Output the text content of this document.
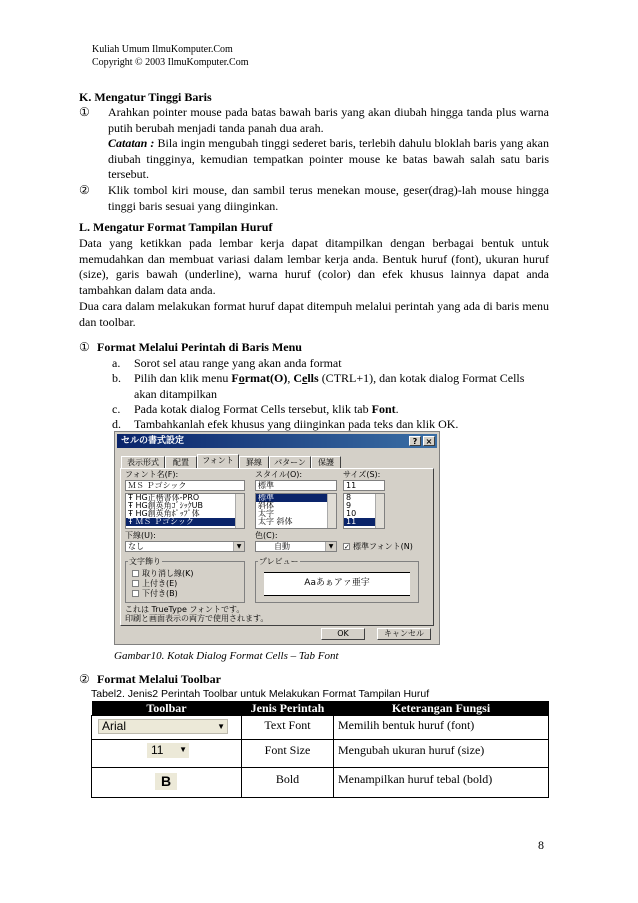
Kuliah Umum IlmuKomputer.Com
Copyright © 2003 IlmuKomputer.Com
K. Mengatur Tinggi Baris
①	Arahkan pointer mouse pada batas bawah baris yang akan diubah hingga tanda plus warna putih berubah menjadi tanda panah dua arah.
Catatan : Bila ingin mengubah tinggi sederet baris, terlebih dahulu bloklah baris yang akan diubah tingginya, kemudian tempatkan pointer mouse ke batas bawah salah satu baris tersebut.
②	Klik tombol kiri mouse, dan sambil terus menekan mouse, geser(drag)-lah mouse hingga tinggi baris sesuai yang diinginkan.
L. Mengatur Format Tampilan Huruf
Data yang ketikkan pada lembar kerja dapat ditampilkan dengan berbagai bentuk untuk memudahkan dan membuat variasi dalam lembar kerja anda. Bentuk huruf (font), ukuran huruf (size), garis bawah (underline), warna huruf (color) dan efek khusus lainnya dapat anda tambahkan dalam data anda.
Dua cara dalam melakukan format huruf dapat ditempuh melalui perintah yang ada di baris menu dan toolbar.
① Format Melalui Perintah di Baris Menu
a. Sorot sel atau range yang akan anda format
b. Pilih dan klik menu Format(O), Cells (CTRL+1), dan kotak dialog Format Cells akan ditampilkan
c. Pada kotak dialog Format Cells tersebut, klik tab Font.
d. Tambahkanlah efek khusus yang diinginkan pada teks dan klik OK.
セルの書式設定	?	×
表示形式	配置	フォント	罫線	パターン	保護
フォント名(F):
ＭＳ Ｐゴシック
Ŧ HG正楷書体-PRO
Ŧ HG創英角ｺﾞｼｯｸUB
Ŧ HG創英角ﾎﾟｯﾌﾟ体
Ŧ ＭＳ Ｐゴシック
スタイル(O):
標準
標準
斜体
太字
太字 斜体
サイズ(S):
11
8
9
10
11
下線(U):
なし	▼
色(C):
自動	▼	✓ 標準フォント(N)
文字飾り
取り消し線(K)
上付き(E)
下付き(B)
プレビュー
Aaあぁアァ亜宇
これは TrueType フォントです。
印刷と画面表示の両方で使用されます。
OK	キャンセル
Gambar10. Kotak Dialog Format Cells – Tab Font
② Format Melalui Toolbar
Tabel2. Jenis2 Perintah Toolbar untuk Melakukan Format Tampilan Huruf
Toolbar	Jenis Perintah	Keterangan Fungsi

Arial ▼	Text Font	Memilih bentuk huruf (font)

11 ▼	Font Size	Mengubah ukuran huruf (size)
B	Bold	Menampilkan huruf tebal (bold)
8
